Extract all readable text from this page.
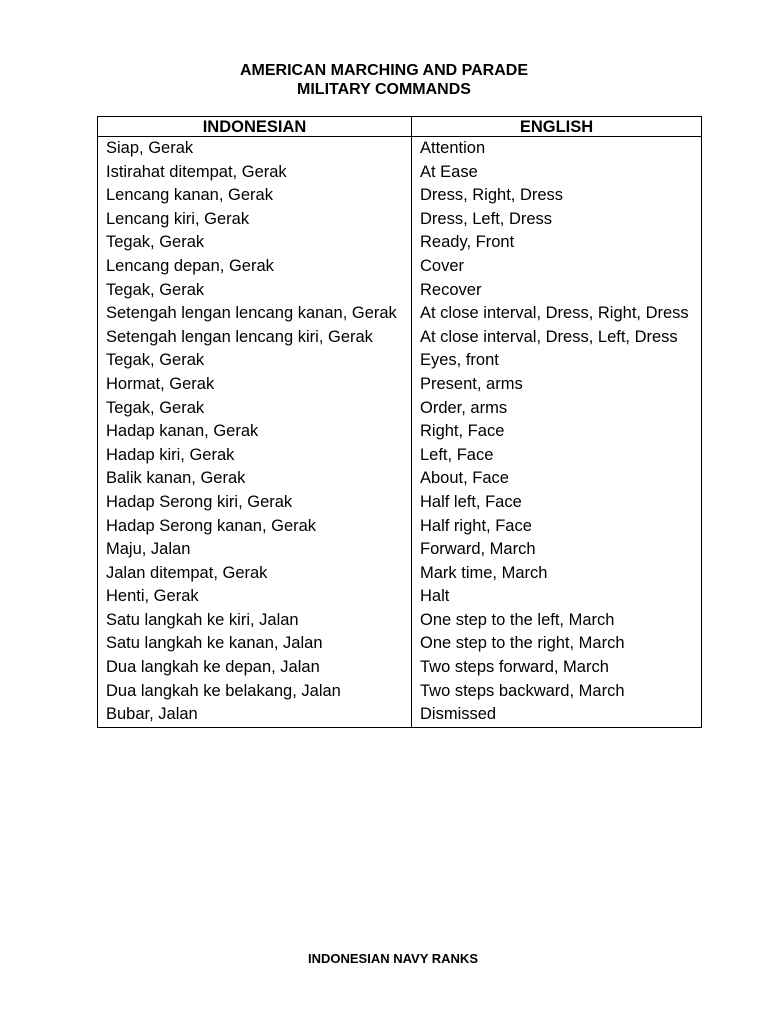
AMERICAN MARCHING AND PARADE
MILITARY COMMANDS
INDONESIAN	ENGLISH
Siap, Gerak	Attention
Istirahat ditempat, Gerak	At Ease
Lencang kanan, Gerak	Dress, Right, Dress
Lencang kiri, Gerak	Dress, Left, Dress
Tegak, Gerak	Ready, Front
Lencang depan, Gerak	Cover
Tegak, Gerak	Recover
Setengah lengan lencang kanan, Gerak	At close interval, Dress, Right, Dress
Setengah lengan lencang kiri, Gerak	At close interval, Dress, Left, Dress
Tegak, Gerak	Eyes, front
Hormat, Gerak	Present, arms
Tegak, Gerak	Order, arms
Hadap kanan, Gerak	Right, Face
Hadap kiri, Gerak	Left, Face
Balik kanan, Gerak	About, Face
Hadap Serong kiri, Gerak	Half left, Face
Hadap Serong kanan, Gerak	Half right, Face
Maju, Jalan	Forward, March
Jalan ditempat, Gerak	Mark time, March
Henti, Gerak	Halt
Satu langkah ke kiri, Jalan	One step to the left, March
Satu langkah ke kanan, Jalan	One step to the right, March
Dua langkah ke depan, Jalan	Two steps forward, March
Dua langkah ke belakang, Jalan	Two steps backward, March
Bubar, Jalan	Dismissed
INDONESIAN NAVY RANKS
